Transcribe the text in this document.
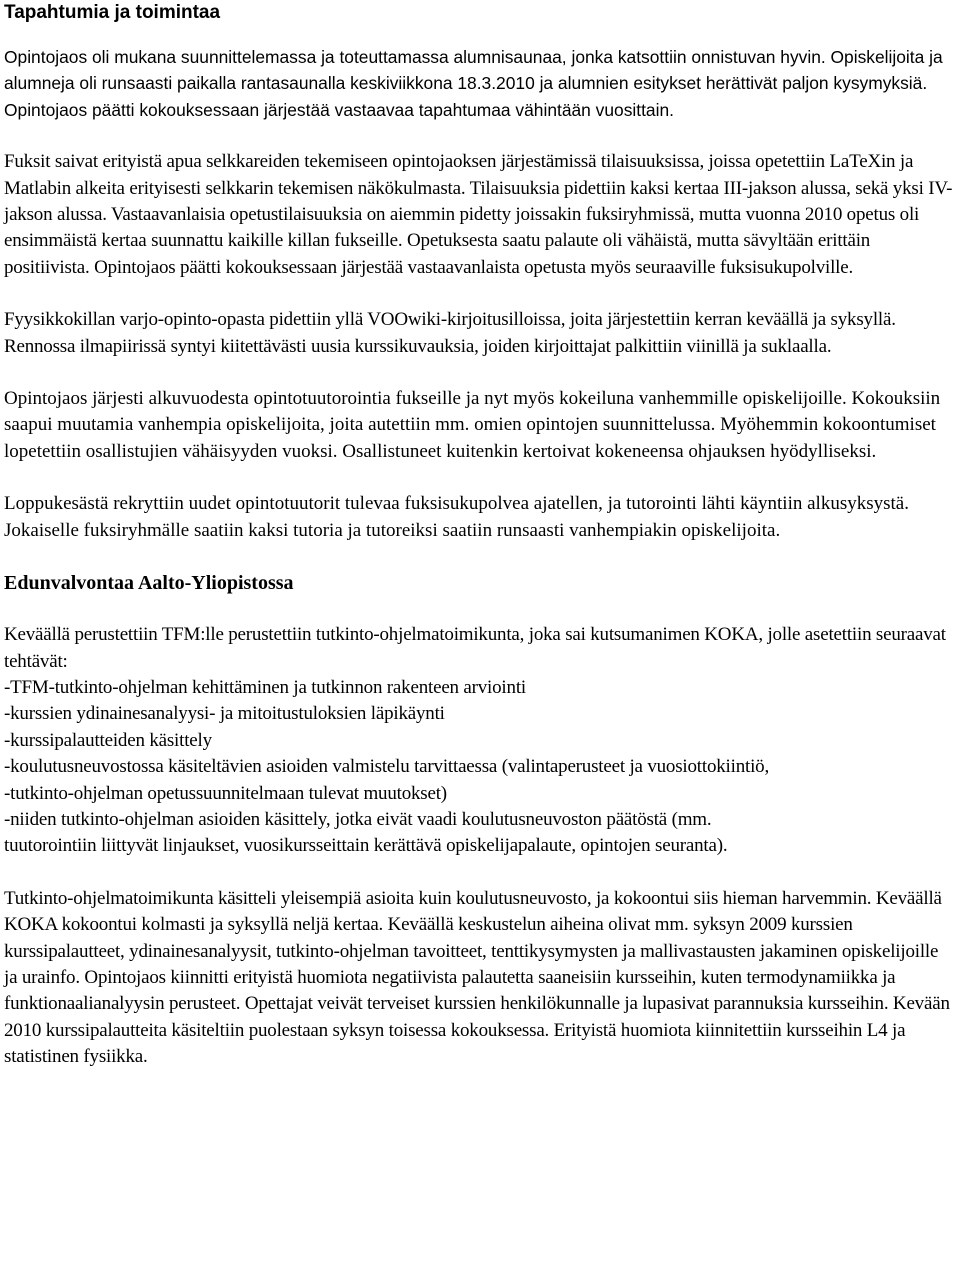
Tapahtumia ja toimintaa

Opintojaos oli mukana suunnittelemassa ja toteuttamassa alumnisaunaa, jonka katsottiin onnistuvan hyvin. Opiskelijoita ja alumneja oli runsaasti paikalla rantasaunalla keskiviikkona 18.3.2010 ja alumnien esitykset herättivät paljon kysymyksiä. Opintojaos päätti kokouksessaan järjestää vastaavaa tapahtumaa vähintään vuosittain.

Fuksit saivat erityistä apua selkkareiden tekemiseen opintojaoksen järjestämissä tilaisuuksissa, joissa opetettiin LaTeXin ja Matlabin alkeita erityisesti selkkarin tekemisen näkökulmasta. Tilaisuuksia pidettiin kaksi kertaa III-jakson alussa, sekä yksi IV-jakson alussa. Vastaavanlaisia opetustilaisuuksia on aiemmin pidetty joissakin fuksiryhmissä, mutta vuonna 2010 opetus oli ensimmäistä kertaa suunnattu kaikille killan fukseille. Opetuksesta saatu palaute oli vähäistä, mutta sävyltään erittäin positiivista. Opintojaos päätti kokouksessaan järjestää vastaavanlaista opetusta myös seuraaville fuksisukupolville.

Fyysikkokillan varjo-opinto-opasta pidettiin yllä VOOwiki-kirjoitusilloissa, joita järjestettiin kerran keväällä ja syksyllä. Rennossa ilmapiirissä syntyi kiitettävästi uusia kurssikuvauksia, joiden kirjoittajat palkittiin viinillä ja suklaalla.

Opintojaos järjesti alkuvuodesta opintotuutorointia fukseille ja nyt myös kokeiluna vanhemmille opiskelijoille. Kokouksiin saapui muutamia vanhempia opiskelijoita, joita autettiin mm. omien opintojen suunnittelussa. Myöhemmin kokoontumiset lopetettiin osallistujien vähäisyyden vuoksi. Osallistuneet kuitenkin kertoivat kokeneensa ohjauksen hyödylliseksi.

Loppukesästä rekryttiin uudet opintotuutorit tulevaa fuksisukupolvea ajatellen, ja tutorointi lähti käyntiin alkusyksystä. Jokaiselle fuksiryhmälle saatiin kaksi tutoria ja tutoreiksi saatiin runsaasti vanhempiakin opiskelijoita.

Edunvalvontaa Aalto-Yliopistossa
Keväällä perustettiin TFM:lle perustettiin tutkinto-ohjelmatoimikunta, joka sai kutsumanimen KOKA, jolle asetettiin seuraavat tehtävät:
-TFM-tutkinto-ohjelman kehittäminen ja tutkinnon rakenteen arviointi
-kurssien ydinainesanalyysi- ja mitoitustuloksien läpikäynti
-kurssipalautteiden käsittely
-koulutusneuvostossa käsiteltävien asioiden valmistelu tarvittaessa (valintaperusteet ja vuosiottokiintiö,
-tutkinto-ohjelman opetussuunnitelmaan tulevat muutokset)
-niiden tutkinto-ohjelman asioiden käsittely, jotka eivät vaadi koulutusneuvoston päätöstä (mm.
tuutorointiin liittyvät linjaukset, vuosikursseittain kerättävä opiskelijapalaute, opintojen seuranta).

Tutkinto-ohjelmatoimikunta käsitteli yleisempiä asioita kuin koulutusneuvosto, ja kokoontui siis hieman harvemmin. Keväällä KOKA kokoontui kolmasti ja syksyllä neljä kertaa. Keväällä keskustelun aiheina olivat mm. syksyn 2009 kurssien kurssipalautteet, ydinainesanalyysit, tutkinto-ohjelman tavoitteet, tenttikysymysten ja mallivastausten jakaminen opiskelijoille ja urainfo. Opintojaos kiinnitti erityistä huomiota negatiivista palautetta saaneisiin kursseihin, kuten termodynamiikka ja funktionaalianalyysin perusteet. Opettajat veivät terveiset kurssien henkilökunnalle ja lupasivat parannuksia kursseihin. Kevään 2010 kurssipalautteita käsiteltiin puolestaan syksyn toisessa kokouksessa. Erityistä huomiota kiinnitettiin kursseihin L4 ja statistinen fysiikka.
